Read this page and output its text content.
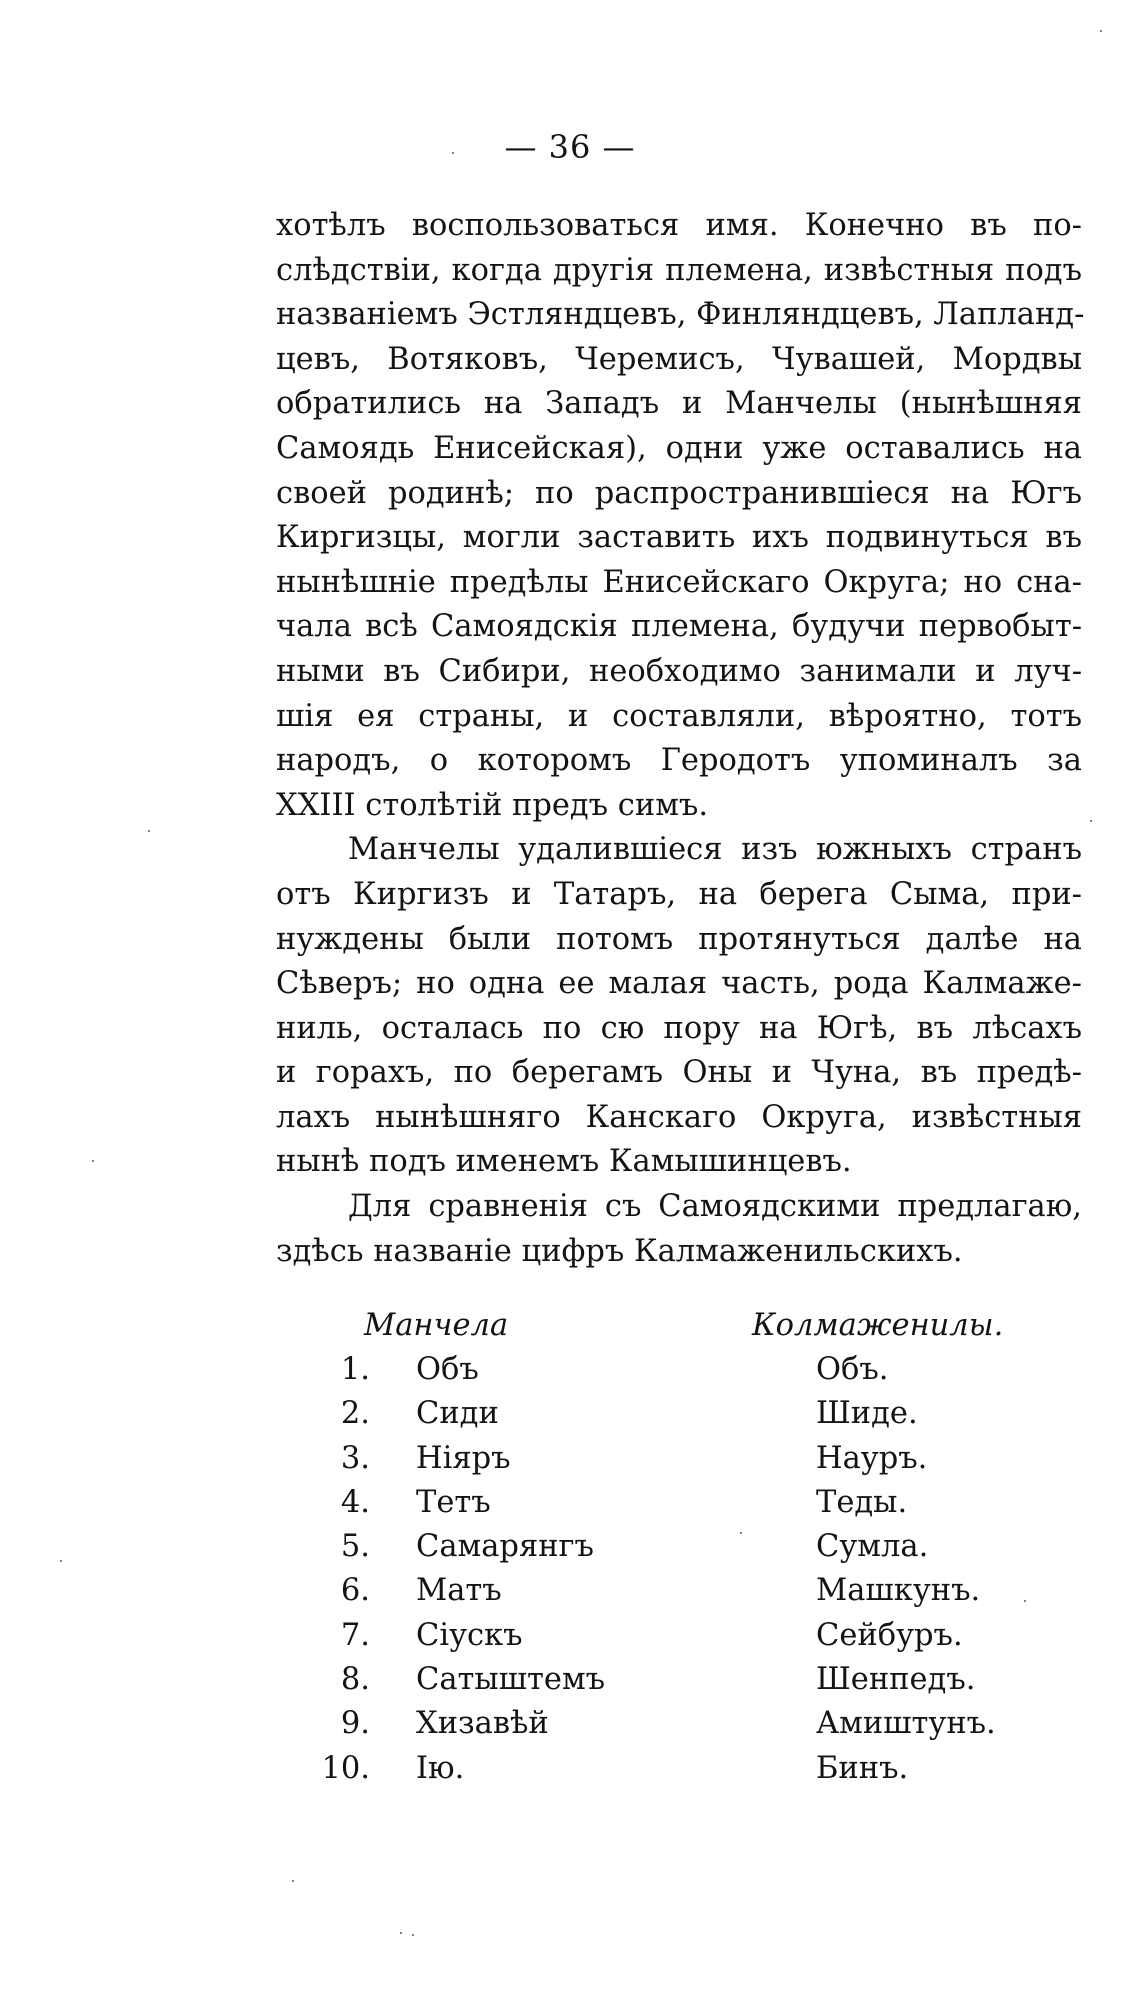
— 36 —
хотѣлъ воспользоваться имя. Конечно въ по-
слѣдствіи, когда другія племена, извѣстныя подъ
названіемъ Эстляндцевъ, Финляндцевъ, Лапланд-
цевъ, Вотяковъ, Черемисъ, Чувашей, Мордвы
обратились на Западъ и Манчелы (нынѣшняя
Самоядь Енисейская), одни уже оставались на
своей родинѣ; по распространившіеся на Югъ
Киргизцы, могли заставить ихъ подвинуться въ
нынѣшніе предѣлы Енисейскаго Округа; но сна-
чала всѣ Самоядскія племена, будучи первобыт-
ными въ Сибири, необходимо занимали и луч-
шія ея страны, и составляли, вѣроятно, тотъ
народъ, о которомъ Геродотъ упоминалъ за
XXIII столѣтій предъ симъ.
Манчелы удалившіеся изъ южныхъ странъ
отъ Киргизъ и Татаръ, на берега Сыма, при-
нуждены были потомъ протянуться далѣе на
Сѣверъ; но одна ее малая часть, рода Калмаже-
ниль, осталась по сю пору на Югѣ, въ лѣсахъ
и горахъ, по берегамъ Оны и Чуна, въ предѣ-
лахъ нынѣшняго Канскаго Округа, извѣстныя
нынѣ подъ именемъ Камышинцевъ.
Для сравненія съ Самоядскими предлагаю,
здѣсь названіе цифръ Калмаженильскихъ.
Манчела	Колмаженилы.
1. Объ	Объ.
2. Сиди	Шиде.
3. Ніяръ	Науръ.
4. Тетъ	Теды.
5. Самарянгъ	Сумла.
6. Матъ	Машкунъ.
7. Сіускъ	Сейбуръ.
8. Сатыштемъ	Шенпедъ.
9. Хизавѣй	Амиштунъ.
10. Ію.	Бинъ.
